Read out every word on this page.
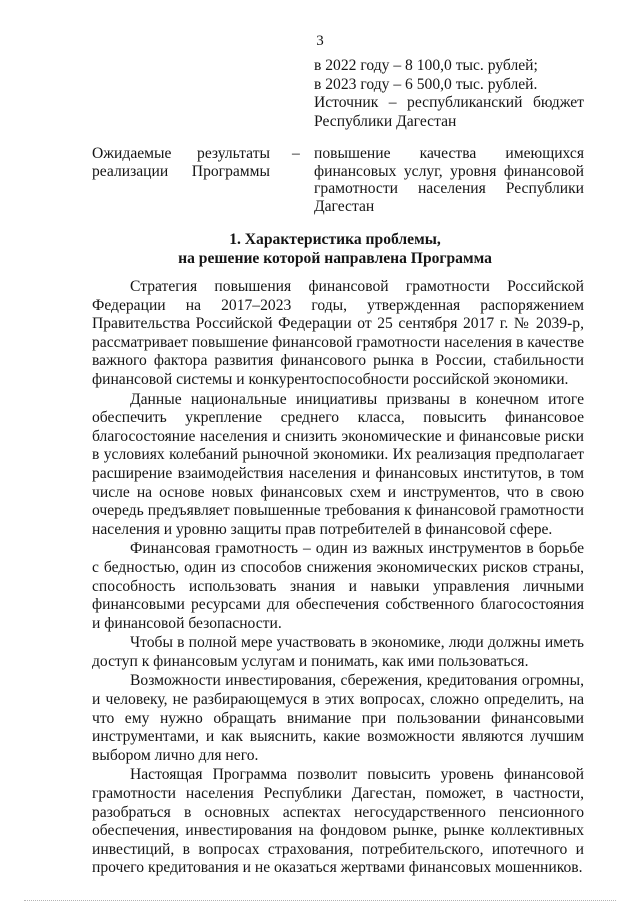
3
в 2022 году – 8 100,0 тыс. рублей;
в 2023 году – 6 500,0 тыс. рублей.
Источник – республиканский бюджет
Республики Дагестан
Ожидаемые результаты
реализации Программы
– повышение качества имеющихся
финансовых услуг, уровня финансовой
грамотности населения Республики
Дагестан
1. Характеристика проблемы,
на решение которой направлена Программа

Стратегия повышения финансовой грамотности Российской Федерации на 2017–2023 годы, утвержденная распоряжением Правительства Российской Федерации от 25 сентября 2017 г. № 2039-р, рассматривает повышение финансовой грамотности населения в качестве важного фактора развития финансового рынка в России, стабильности финансовой системы и конкурентоспособности российской экономики.

Данные национальные инициативы призваны в конечном итоге обеспечить укрепление среднего класса, повысить финансовое благосостояние населения и снизить экономические и финансовые риски в условиях колебаний рыночной экономики. Их реализация предполагает расширение взаимодействия населения и финансовых институтов, в том числе на основе новых финансовых схем и инструментов, что в свою очередь предъявляет повышенные требования к финансовой грамотности населения и уровню защиты прав потребителей в финансовой сфере.

Финансовая грамотность – один из важных инструментов в борьбе с бедностью, один из способов снижения экономических рисков страны, способность использовать знания и навыки управления личными финансовыми ресурсами для обеспечения собственного благосостояния и финансовой безопасности.

Чтобы в полной мере участвовать в экономике, люди должны иметь доступ к финансовым услугам и понимать, как ими пользоваться.

Возможности инвестирования, сбережения, кредитования огромны, и человеку, не разбирающемуся в этих вопросах, сложно определить, на что ему нужно обращать внимание при пользовании финансовыми инструментами, и как выяснить, какие возможности являются лучшим выбором лично для него.

Настоящая Программа позволит повысить уровень финансовой грамотности населения Республики Дагестан, поможет, в частности, разобраться в основных аспектах негосударственного пенсионного обеспечения, инвестирования на фондовом рынке, рынке коллективных инвестиций, в вопросах страхования, потребительского, ипотечного и прочего кредитования и не оказаться жертвами финансовых мошенников.
